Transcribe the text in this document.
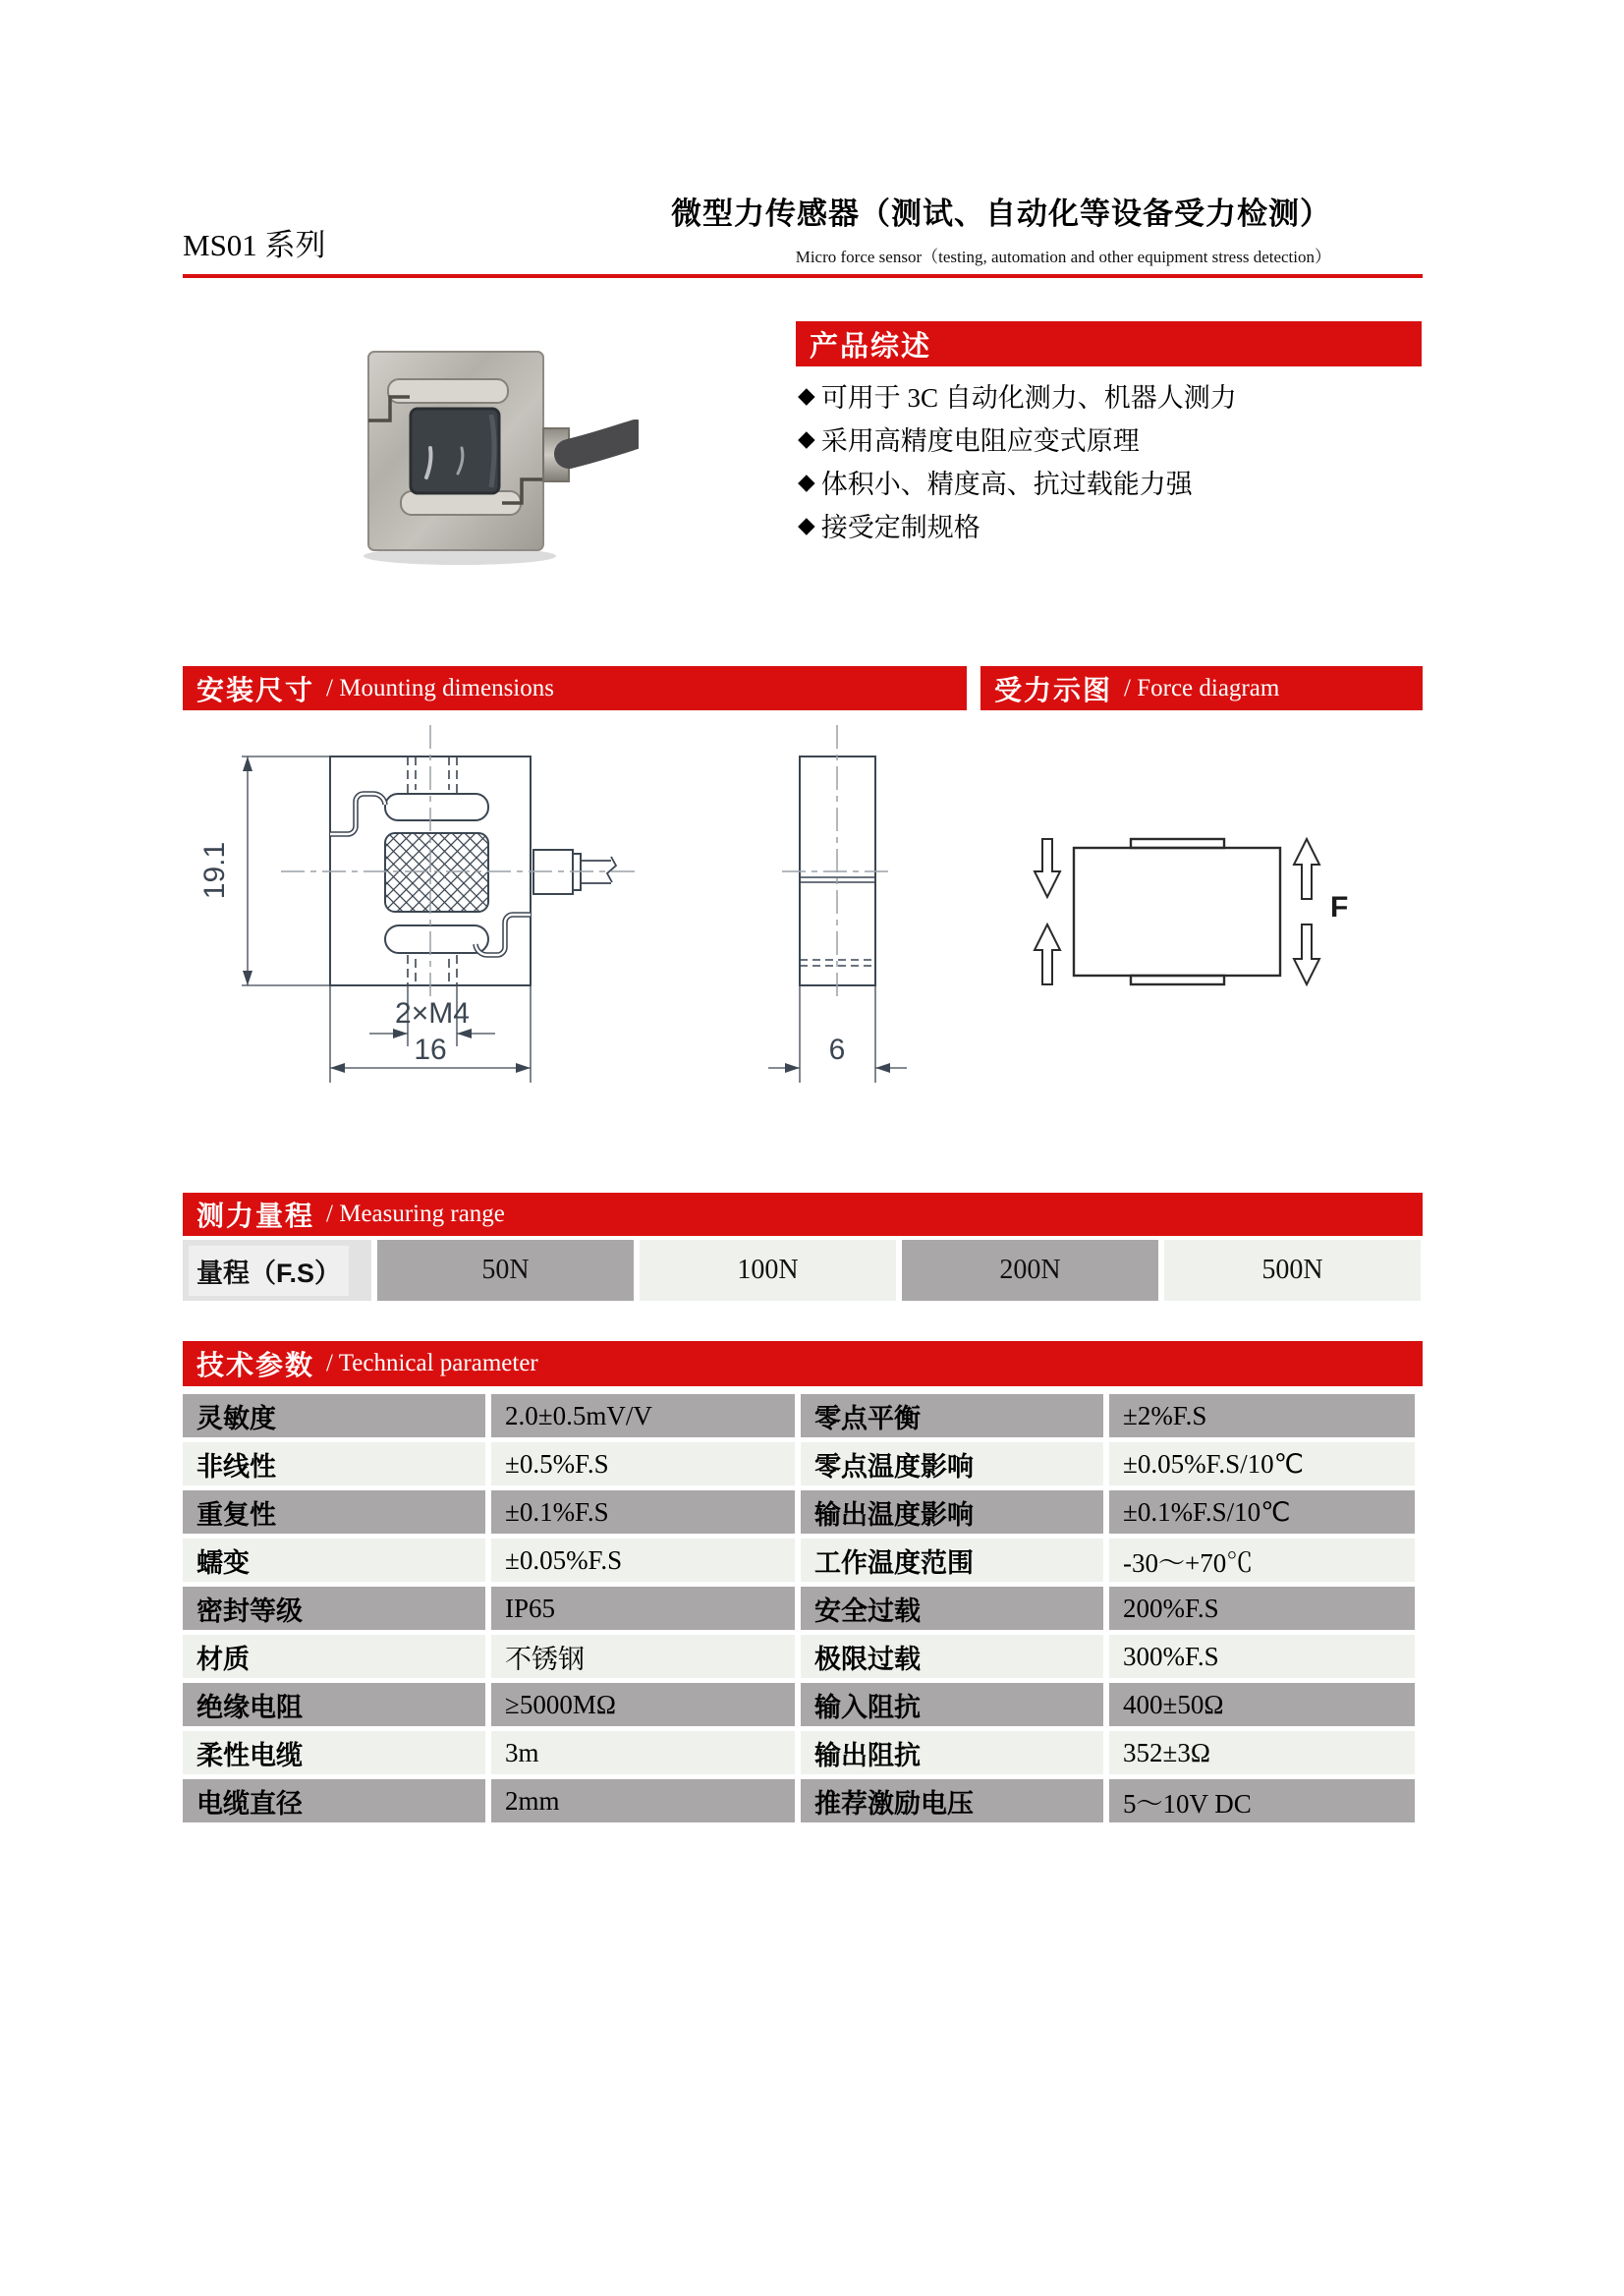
MS01 系列
微型力传感器（测试、自动化等设备受力检测）
Micro force sensor（testing, automation and other equipment stress detection）
产品综述
◆ 可用于 3C 自动化测力、机器人测力
◆ 采用高精度电阻应变式原理
◆ 体积小、精度高、抗过载能力强
◆ 接受定制规格
安装尺寸 / Mounting dimensions	受力示图 / Force diagram
19.1
2×M4
16	6
F
测力量程 / Measuring range
量程（F.S）	50N	100N	200N	500N
技术参数 / Technical parameter
灵敏度	2.0±0.5mV/V	零点平衡	±2%F.S
非线性	±0.5%F.S	零点温度影响	±0.05%F.S/10℃
重复性	±0.1%F.S	输出温度影响	±0.1%F.S/10℃
蠕变	±0.05%F.S	工作温度范围	-30～+70℃
密封等级	IP65	安全过载	200%F.S
材质	不锈钢	极限过载	300%F.S
绝缘电阻	≥5000MΩ	输入阻抗	400±50Ω
柔性电缆	3m	输出阻抗	352±3Ω
电缆直径	2mm	推荐激励电压	5～10V DC
